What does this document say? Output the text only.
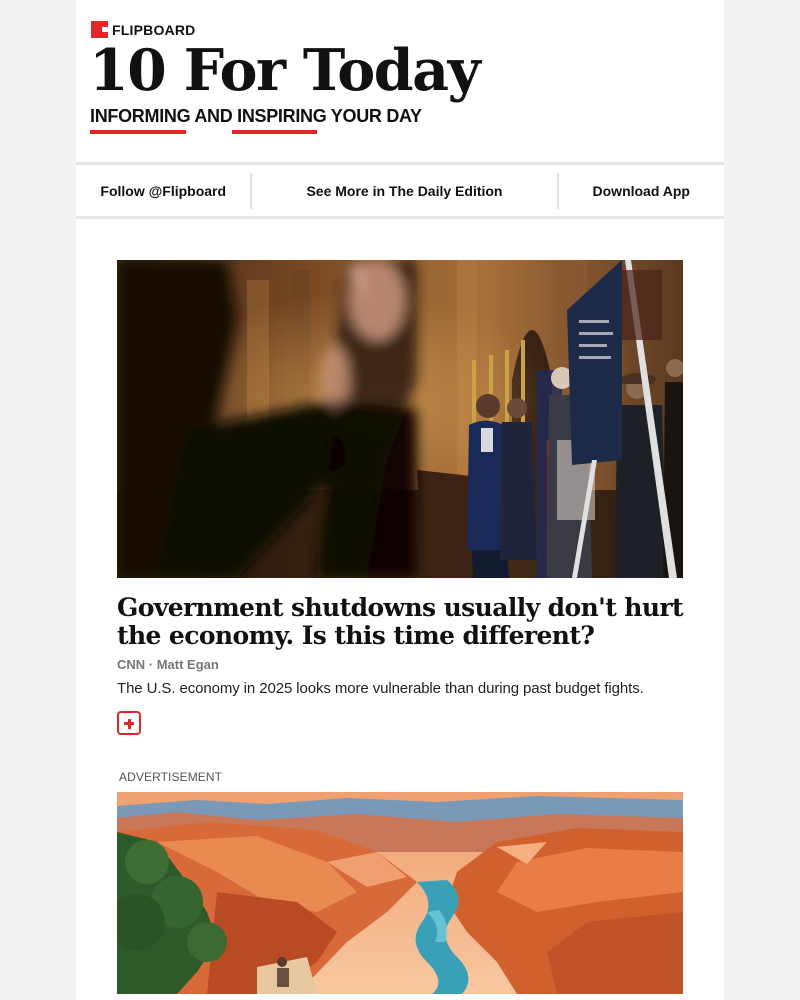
FLIPBOARD
10 For Today
INFORMING AND INSPIRING YOUR DAY
Follow @Flipboard	See More in The Daily Edition	Download App
Government shutdowns usually don't hurt the economy. Is this time different?
CNN · Matt Egan
The U.S. economy in 2025 looks more vulnerable than during past budget fights.
ADVERTISEMENT
